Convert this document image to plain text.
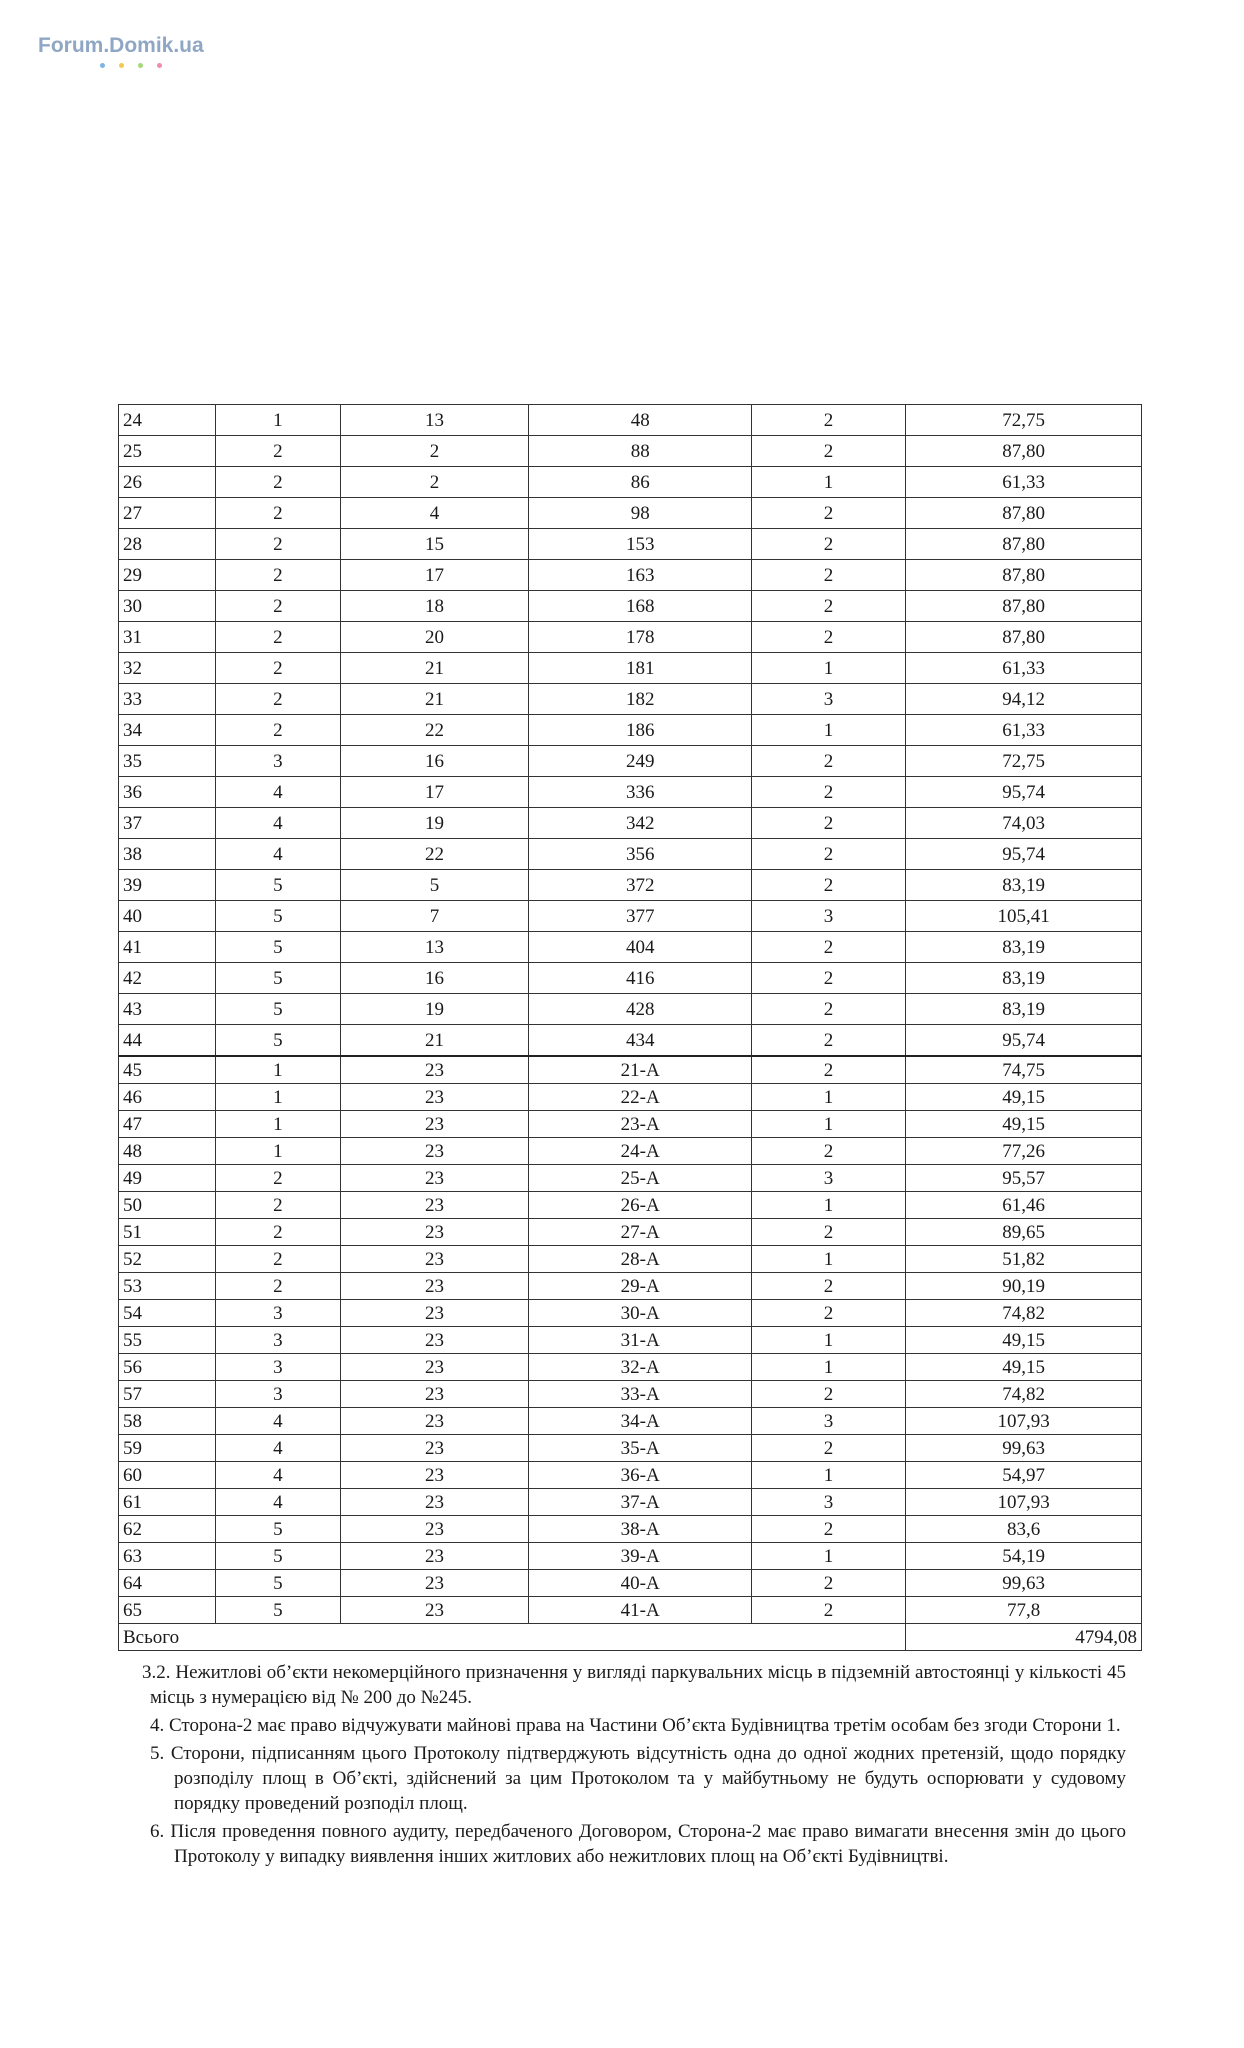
Forum.Domik.ua
24	1	13	48	2	72,75
25	2	2	88	2	87,80
26	2	2	86	1	61,33
27	2	4	98	2	87,80
28	2	15	153	2	87,80
29	2	17	163	2	87,80
30	2	18	168	2	87,80
31	2	20	178	2	87,80
32	2	21	181	1	61,33
33	2	21	182	3	94,12
34	2	22	186	1	61,33
35	3	16	249	2	72,75
36	4	17	336	2	95,74
37	4	19	342	2	74,03
38	4	22	356	2	95,74
39	5	5	372	2	83,19
40	5	7	377	3	105,41
41	5	13	404	2	83,19
42	5	16	416	2	83,19
43	5	19	428	2	83,19
44	5	21	434	2	95,74
45	1	23	21-А	2	74,75
46	1	23	22-А	1	49,15
47	1	23	23-А	1	49,15
48	1	23	24-А	2	77,26
49	2	23	25-А	3	95,57
50	2	23	26-А	1	61,46
51	2	23	27-А	2	89,65
52	2	23	28-А	1	51,82
53	2	23	29-А	2	90,19
54	3	23	30-А	2	74,82
55	3	23	31-А	1	49,15
56	3	23	32-А	1	49,15
57	3	23	33-А	2	74,82
58	4	23	34-А	3	107,93
59	4	23	35-А	2	99,63
60	4	23	36-А	1	54,97
61	4	23	37-А	3	107,93
62	5	23	38-А	2	83,6
63	5	23	39-А	1	54,19
64	5	23	40-А	2	99,63
65	5	23	41-А	2	77,8
Всього					4794,08

3.2. Нежитлові об’єкти некомерційного призначення у вигляді паркувальних місць в підземній автостоянці у кількості 45 місць з нумерацією від № 200 до №245.

4. Сторона-2 має право відчужувати майнові права на Частини Об’єкта Будівництва третім особам без згоди Сторони 1.

5. Сторони, підписанням цього Протоколу підтверджують відсутність одна до одної жодних претензій, щодо порядку розподілу площ в Об’єкті, здійснений за цим Протоколом та у майбутньому не будуть оспорювати у судовому порядку проведений розподіл площ.

6. Після проведення повного аудиту, передбаченого Договором, Сторона-2 має право вимагати внесення змін до цього Протоколу у випадку виявлення інших житлових або нежитлових площ на Об’єкті Будівництві.
